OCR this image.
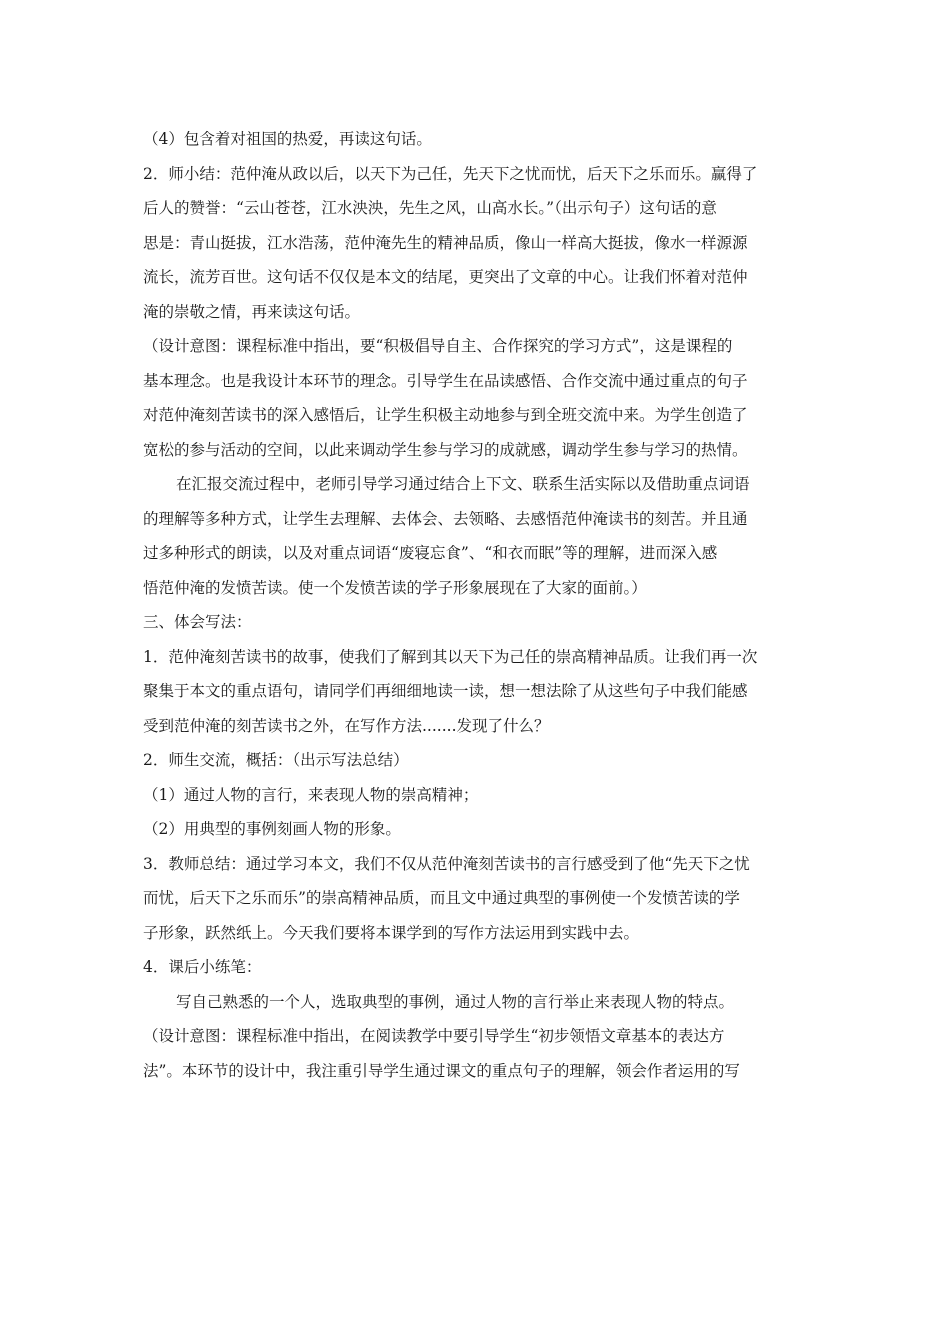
（4）包含着对祖国的热爱，再读这句话。
2．师小结：范仲淹从政以后，以天下为己任，先天下之忧而忧，后天下之乐而乐。赢得了
后人的赞誉：“云山苍苍，江水泱泱，先生之风，山高水长。”（出示句子）这句话的意
思是：青山挺拔，江水浩荡，范仲淹先生的精神品质，像山一样高大挺拔，像水一样源源
流长，流芳百世。这句话不仅仅是本文的结尾，更突出了文章的中心。让我们怀着对范仲
淹的崇敬之情，再来读这句话。
（设计意图：课程标准中指出，要“积极倡导自主、合作探究的学习方式”，这是课程的
基本理念。也是我设计本环节的理念。引导学生在品读感悟、合作交流中通过重点的句子
对范仲淹刻苦读书的深入感悟后，让学生积极主动地参与到全班交流中来。为学生创造了
宽松的参与活动的空间，以此来调动学生参与学习的成就感，调动学生参与学习的热情。
在汇报交流过程中，老师引导学习通过结合上下文、联系生活实际以及借助重点词语
的理解等多种方式，让学生去理解、去体会、去领略、去感悟范仲淹读书的刻苦。并且通
过多种形式的朗读，以及对重点词语“废寝忘食”、“和衣而眠”等的理解，进而深入感
悟范仲淹的发愤苦读。使一个发愤苦读的学子形象展现在了大家的面前。）
三、体会写法：
1．范仲淹刻苦读书的故事，使我们了解到其以天下为己任的崇高精神品质。让我们再一次
聚集于本文的重点语句，请同学们再细细地读一读，想一想法除了从这些句子中我们能感
受到范仲淹的刻苦读书之外，在写作方法.......发现了什么？
2．师生交流，概括：（出示写法总结）
（1）通过人物的言行，来表现人物的崇高精神；
（2）用典型的事例刻画人物的形象。
3．教师总结：通过学习本文，我们不仅从范仲淹刻苦读书的言行感受到了他“先天下之忧
而忧，后天下之乐而乐”的崇高精神品质，而且文中通过典型的事例使一个发愤苦读的学
子形象，跃然纸上。今天我们要将本课学到的写作方法运用到实践中去。
4．课后小练笔：
写自己熟悉的一个人，选取典型的事例，通过人物的言行举止来表现人物的特点。
（设计意图：课程标准中指出，在阅读教学中要引导学生“初步领悟文章基本的表达方
法”。本环节的设计中，我注重引导学生通过课文的重点句子的理解，领会作者运用的写
